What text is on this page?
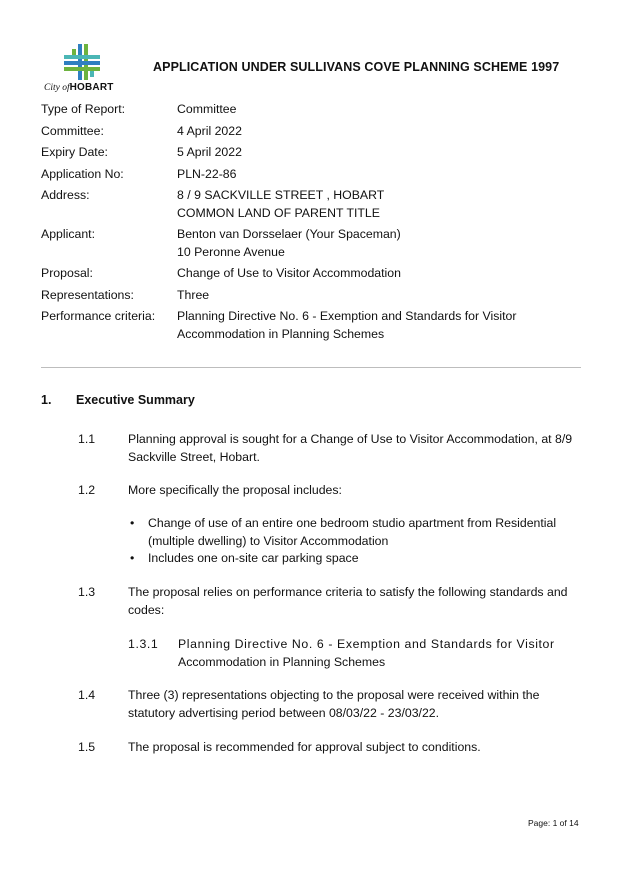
City ofHOBART
APPLICATION UNDER SULLIVANS COVE PLANNING SCHEME 1997
Type of Report:	Committee
Committee:	4 April 2022
Expiry Date:	5 April 2022
Application No:	PLN-22-86
Address:	8 / 9 SACKVILLE STREET , HOBART
COMMON LAND OF PARENT TITLE
Applicant:	Benton van Dorsselaer (Your Spaceman)
10 Peronne Avenue
Proposal:	Change of Use to Visitor Accommodation
Representations:	Three
Performance criteria:	Planning Directive No. 6 - Exemption and Standards for Visitor
Accommodation in Planning Schemes
1. Executive Summary
1.1	Planning approval is sought for a Change of Use to Visitor Accommodation, at 8/9
Sackville Street, Hobart.
1.2	More specifically the proposal includes:
• Change of use of an entire one bedroom studio apartment from Residential
(multiple dwelling) to Visitor Accommodation
• Includes one on-site car parking space
1.3	The proposal relies on performance criteria to satisfy the following standards and
codes:
1.3.1 Planning Directive No. 6 - Exemption and Standards for Visitor
Accommodation in Planning Schemes
1.4	Three (3) representations objecting to the proposal were received within the
statutory advertising period between 08/03/22 - 23/03/22.
1.5	The proposal is recommended for approval subject to conditions.
Page: 1 of 14
